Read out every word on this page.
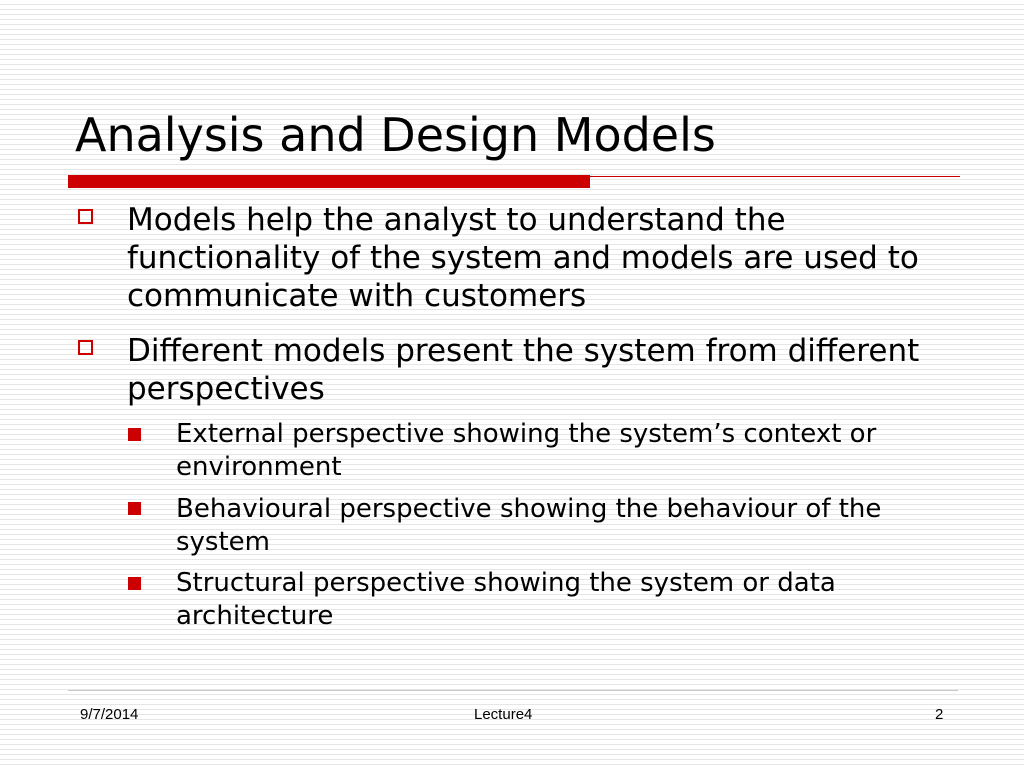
Analysis and Design Models
Models help the analyst to understand the functionality of the system and models are used to communicate with customers
Different models present the system from different perspectives
External perspective showing the system’s context or environment
Behavioural perspective showing the behaviour of the system
Structural perspective showing the system or data architecture
9/7/2014	Lecture4	2
